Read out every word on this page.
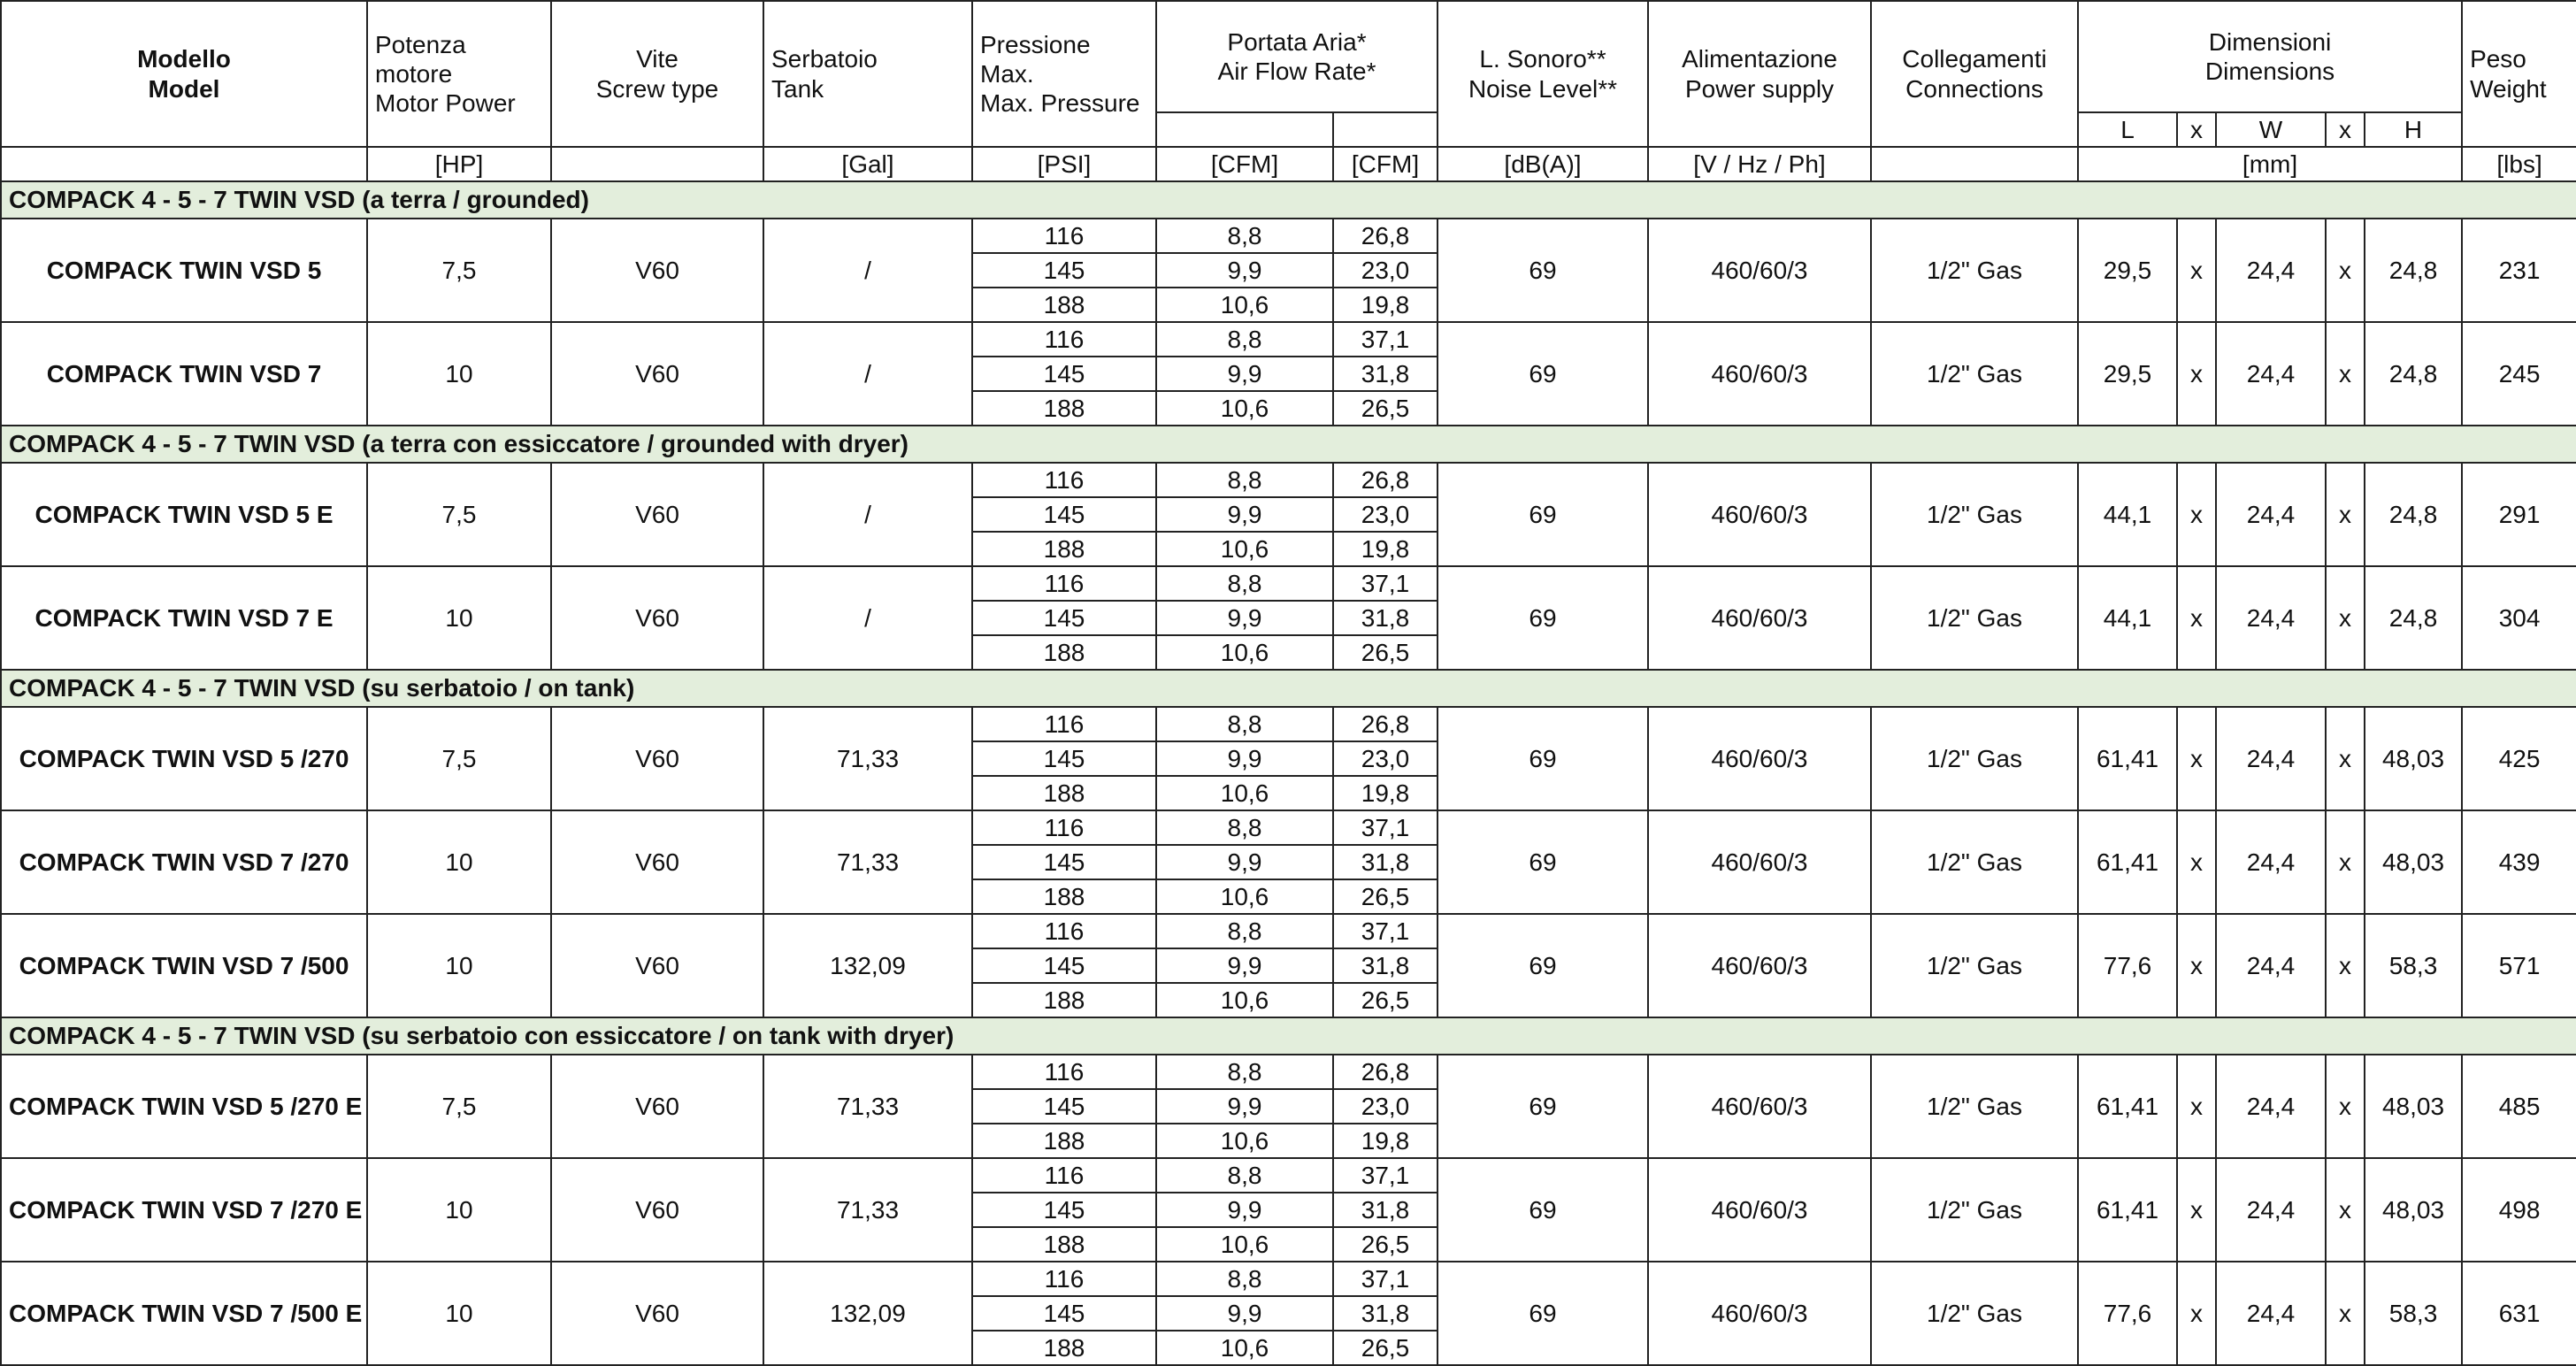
Modello
Model	Potenza
motore
Motor Power	Vite
Screw type	Serbatoio
Tank	Pressione
Max.
Max. Pressure	Portata Aria*
Air Flow Rate*		L. Sonoro**
Noise Level**	Alimentazione
Power supply	Collegamenti
Connections	Dimensioni
Dimensions					Peso
Weight
										L	x	W	x	H	
	[HP]		[Gal]	[PSI]	[CFM]	[CFM]	[dB(A)]	[V / Hz / Ph]		[mm]					[lbs]
COMPACK 4 - 5 - 7 TWIN VSD (a terra / grounded)															
COMPACK TWIN VSD 5	7,5	V60	/	116	8,8	26,8	69	460/60/3	1/2" Gas	29,5	x	24,4	x	24,8	231
				145	9,9	23,0									
				188	10,6	19,8									
COMPACK TWIN VSD 7	10	V60	/	116	8,8	37,1	69	460/60/3	1/2" Gas	29,5	x	24,4	x	24,8	245
				145	9,9	31,8									
				188	10,6	26,5									
COMPACK 4 - 5 - 7 TWIN VSD (a terra con essiccatore / grounded with dryer)															
COMPACK TWIN VSD 5 E	7,5	V60	/	116	8,8	26,8	69	460/60/3	1/2" Gas	44,1	x	24,4	x	24,8	291
				145	9,9	23,0									
				188	10,6	19,8									
COMPACK TWIN VSD 7 E	10	V60	/	116	8,8	37,1	69	460/60/3	1/2" Gas	44,1	x	24,4	x	24,8	304
				145	9,9	31,8									
				188	10,6	26,5									
COMPACK 4 - 5 - 7 TWIN VSD (su serbatoio / on tank)															
COMPACK TWIN VSD 5 /270	7,5	V60	71,33	116	8,8	26,8	69	460/60/3	1/2" Gas	61,41	x	24,4	x	48,03	425
				145	9,9	23,0									
				188	10,6	19,8									
COMPACK TWIN VSD 7 /270	10	V60	71,33	116	8,8	37,1	69	460/60/3	1/2" Gas	61,41	x	24,4	x	48,03	439
				145	9,9	31,8									
				188	10,6	26,5									
COMPACK TWIN VSD 7 /500	10	V60	132,09	116	8,8	37,1	69	460/60/3	1/2" Gas	77,6	x	24,4	x	58,3	571
				145	9,9	31,8									
				188	10,6	26,5									
COMPACK 4 - 5 - 7 TWIN VSD (su serbatoio con essiccatore / on tank with dryer)															
COMPACK TWIN VSD 5 /270 E	7,5	V60	71,33	116	8,8	26,8	69	460/60/3	1/2" Gas	61,41	x	24,4	x	48,03	485
				145	9,9	23,0									
				188	10,6	19,8									
COMPACK TWIN VSD 7 /270 E	10	V60	71,33	116	8,8	37,1	69	460/60/3	1/2" Gas	61,41	x	24,4	x	48,03	498
				145	9,9	31,8									
				188	10,6	26,5									
COMPACK TWIN VSD 7 /500 E	10	V60	132,09	116	8,8	37,1	69	460/60/3	1/2" Gas	77,6	x	24,4	x	58,3	631
				145	9,9	31,8									
				188	10,6	26,5									
